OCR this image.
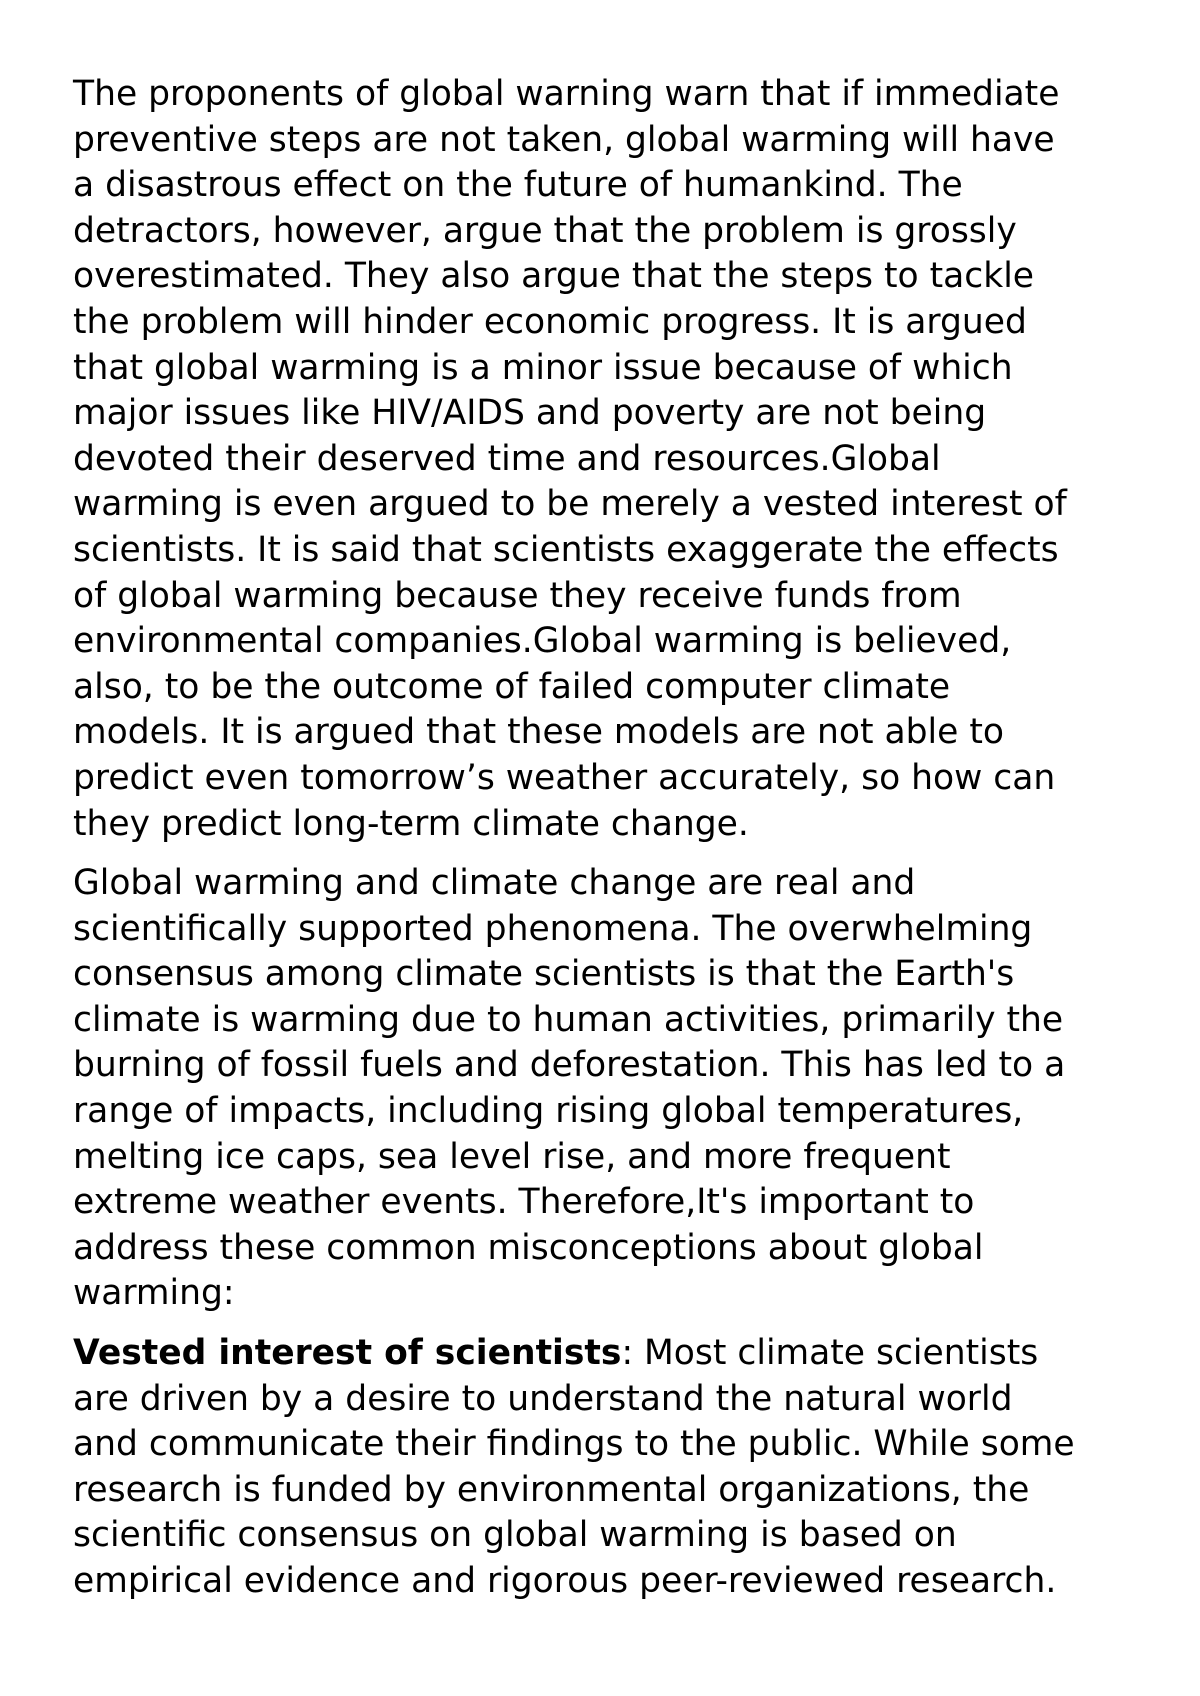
The proponents of global warning warn that if immediate
preventive steps are not taken, global warming will have
a disastrous effect on the future of humankind. The
detractors, however, argue that the problem is grossly
overestimated. They also argue that the steps to tackle
the problem will hinder economic progress. It is argued
that global warming is a minor issue because of which
major issues like HIV/AIDS and poverty are not being
devoted their deserved time and resources.Global
warming is even argued to be merely a vested interest of
scientists. It is said that scientists exaggerate the effects
of global warming because they receive funds from
environmental companies.Global warming is believed,
also, to be the outcome of failed computer climate
models. It is argued that these models are not able to
predict even tomorrow’s weather accurately, so how can
they predict long-term climate change.

Global warming and climate change are real and
scientifically supported phenomena. The overwhelming
consensus among climate scientists is that the Earth's
climate is warming due to human activities, primarily the
burning of fossil fuels and deforestation. This has led to a
range of impacts, including rising global temperatures,
melting ice caps, sea level rise, and more frequent
extreme weather events. Therefore,It's important to
address these common misconceptions about global
warming:

Vested interest of scientists: Most climate scientists
are driven by a desire to understand the natural world
and communicate their findings to the public. While some
research is funded by environmental organizations, the
scientific consensus on global warming is based on
empirical evidence and rigorous peer-reviewed research.
